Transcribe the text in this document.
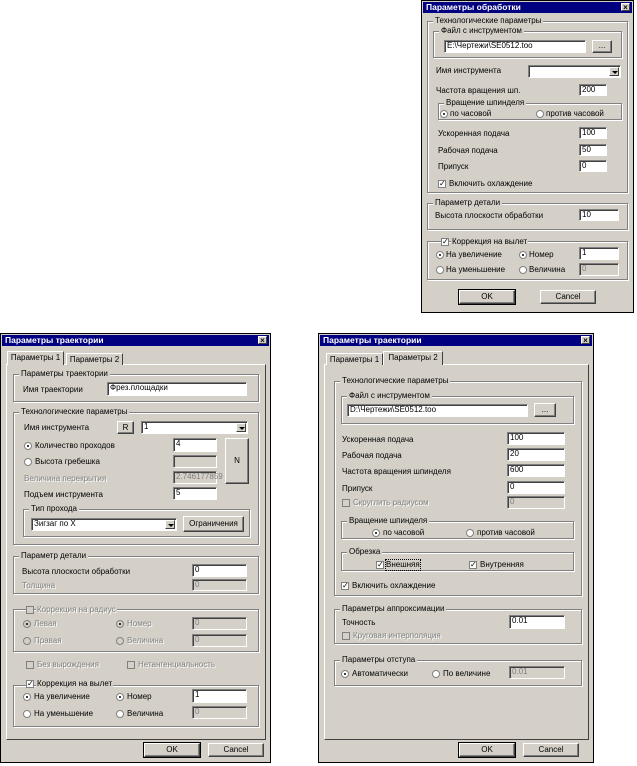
Параметры обработки	×
Технологические параметры
Файл с инструментом
E:\Чертежи\SE0512.too	...
Имя инструмента
Частота вращения шп.	200
Вращение шпинделя
по часовой	против часовой
Ускоренная подача	100
Рабочая подача	50
Припуск	0
✓ Включить охлаждение
Параметр детали
Высота плоскости обработки	10
✓ Коррекция на вылет
На увеличение	Номер	1
На уменьшение	Величина	0
OK	Cancel
Параметры траектории	×
Параметры 1	Параметры 2
Параметры траектории
Имя траектории	Фрез.площадки
Технологические параметры
Имя инструмента	R	1
Количество проходов	4
Высота гребешка	N
Величина перекрытия	2.746177859
Подъем инструмента	5
Тип прохода
Зигзаг по X	Ограничения
Параметр детали
Высота плоскости обработки	0
Толщина	0
Коррекция на радиус
Левая	Номер	0
Правая	Величина	0
Без вырождения	Нетангенциальность
✓ Коррекция на вылет
На увеличение	Номер	1
На уменьшение	Величина	0
OK	Cancel
Параметры траектории	×
Параметры 1	Параметры 2
Технологические параметры
Файл с инструментом
D:\Чертежи\SE0512.too	...
Ускоренная подача	100
Рабочая подача	20
Частота вращения шпинделя	600
Припуск	0
Скруглить радиусом	0
Вращение шпинделя
по часовой	против часовой
Обрезка
✓ Внешняя	✓ Внутренняя
✓ Включить охлаждение
Параметры аппроксимации
Точность	0.01
Круговая интерполяция
Параметры отступа
Автоматически	По величине	0.01
OK	Cancel
